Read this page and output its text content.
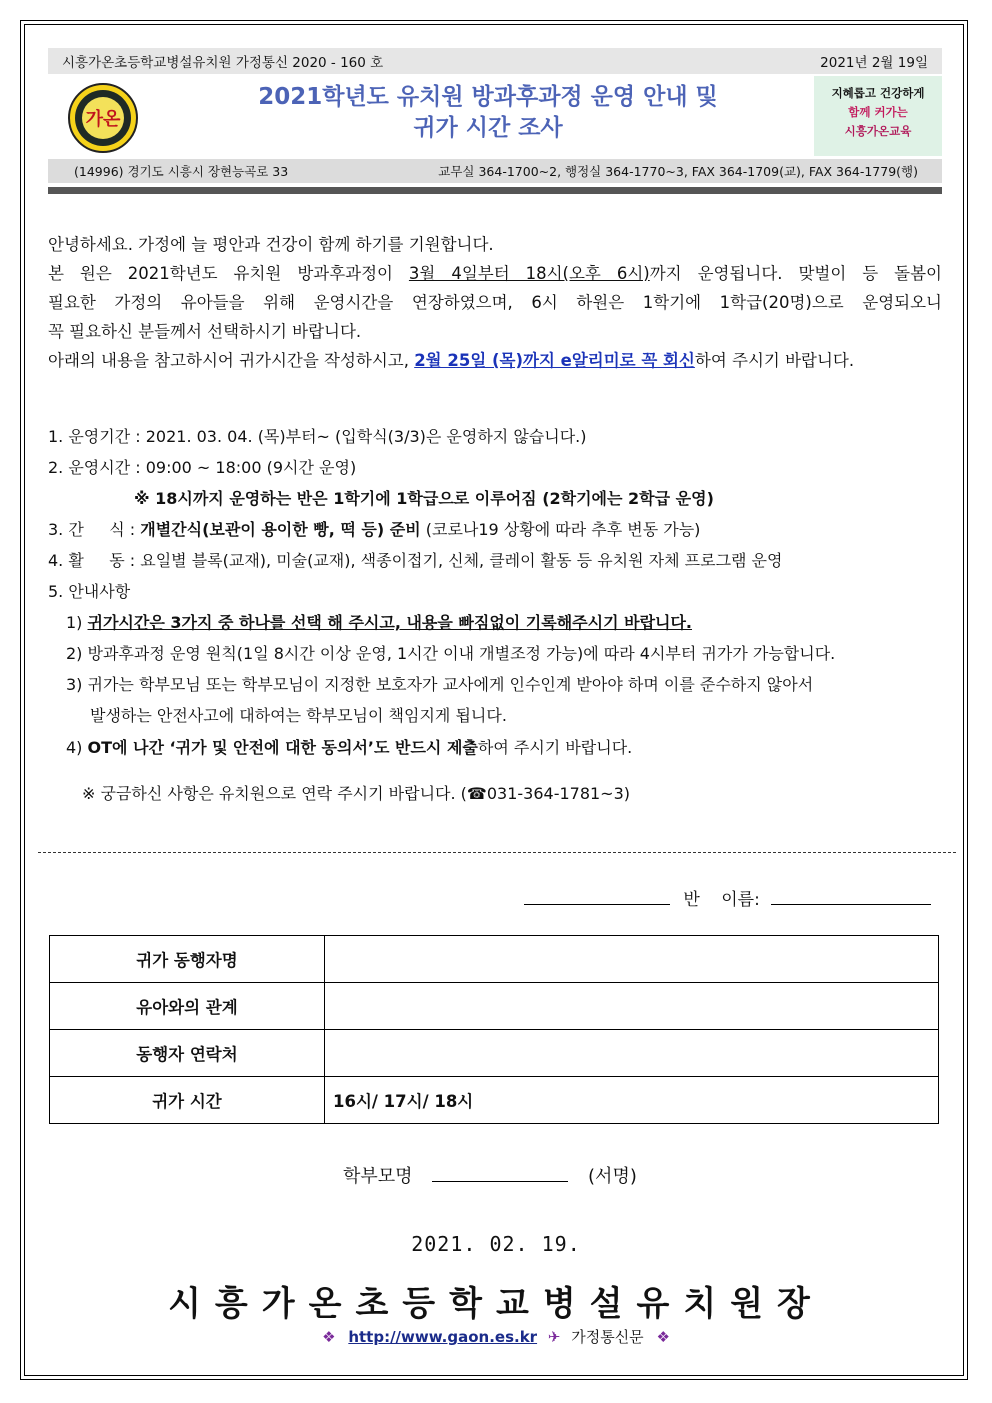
시흥가온초등학교병설유치원 가정통신 2020 - 160 호	2021년 2월 19일
가온
2021학년도 유치원 방과후과정 운영 안내 및
귀가 시간 조사
지혜롭고 건강하게
함께 커가는
시흥가온교육
(14996) 경기도 시흥시 장현능곡로 33	교무실 364-1700~2, 행정실 364-1770~3, FAX 364-1709(교), FAX 364-1779(행)
안녕하세요. 가정에 늘 평안과 건강이 함께 하기를 기원합니다.
본 원은 2021학년도 유치원 방과후과정이 3월 4일부터 18시(오후 6시)까지 운영됩니다. 맞벌이 등 돌봄이
필요한 가정의 유아들을 위해 운영시간을 연장하였으며, 6시 하원은 1학기에 1학급(20명)으로 운영되오니
꼭 필요하신 분들께서 선택하시기 바랍니다.
아래의 내용을 참고하시어 귀가시간을 작성하시고, 2월 25일 (목)까지 e알리미로 꼭 회신하여 주시기 바랍니다.
1. 운영기간 : 2021. 03. 04. (목)부터~ (입학식(3/3)은 운영하지 않습니다.)
2. 운영시간 : 09:00 ~ 18:00 (9시간 운영)
※ 18시까지 운영하는 반은 1학기에 1학급으로 이루어짐 (2학기에는 2학급 운영)
3. 간     식 : 개별간식(보관이 용이한 빵, 떡 등) 준비 (코로나19 상황에 따라 추후 변동 가능)
4. 활     동 : 요일별 블록(교재), 미술(교재), 색종이접기, 신체, 클레이 활동 등 유치원 자체 프로그램 운영
5. 안내사항
1) 귀가시간은 3가지 중 하나를 선택 해 주시고, 내용을 빠짐없이 기록해주시기 바랍니다.
2) 방과후과정 운영 원칙(1일 8시간 이상 운영, 1시간 이내 개별조정 가능)에 따라 4시부터 귀가가 가능합니다.
3) 귀가는 학부모님 또는 학부모님이 지정한 보호자가 교사에게 인수인계 받아야 하며 이를 준수하지 않아서
발생하는 안전사고에 대하여는 학부모님이 책임지게 됩니다.
4) OT에 나간 ‘귀가 및 안전에 대한 동의서’도 반드시 제출하여 주시기 바랍니다.
※ 궁금하신 사항은 유치원으로 연락 주시기 바랍니다. (☎031-364-1781~3)
반 이름:
귀가 동행자명	
유아와의 관계	
동행자 연락처	
귀가 시간	16시/ 17시/ 18시
학부모명	(서명)
2021. 02. 19.
시흥가온초등학교병설유치원장
❖ http://www.gaon.es.kr ✈ 가정통신문 ❖
